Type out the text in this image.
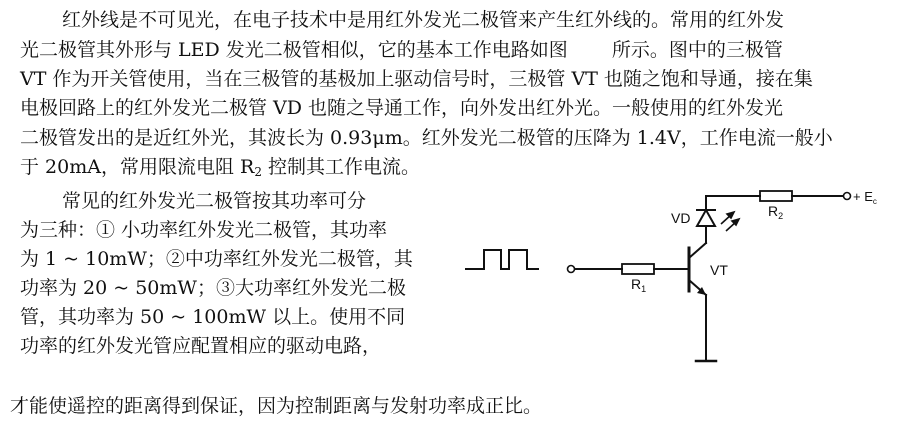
红外线是不可见光，在电子技术中是用红外发光二极管来产生红外线的。常用的红外发
光二极管其外形与 LED 发光二极管相似，它的基本工作电路如图 所示。图中的三极管
VT 作为开关管使用，当在三极管的基极加上驱动信号时，三极管 VT 也随之饱和导通，接在集
电极回路上的红外发光二极管 VD 也随之导通工作，向外发出红外光。一般使用的红外发光
二极管发出的是近红外光，其波长为 0.93μm。红外发光二极管的压降为 1.4V，工作电流一般小
于 20mA，常用限流电阻 $R_2$ 控制其工作电流。
常见的红外发光二极管按其功率可分
为三种：① 小功率红外发光二极管，其功率
为 1 ~ 10mW；②中功率红外发光二极管，其
功率为 20 ~ 50mW；③大功率红外发光二极
管，其功率为 50 ~ 100mW 以上。使用不同
功率的红外发光管应配置相应的驱动电路，
才能使遥控的距离得到保证，因为控制距离与发射功率成正比。
VD	$R_2$
$R_1$
VT
+ $E_c$
